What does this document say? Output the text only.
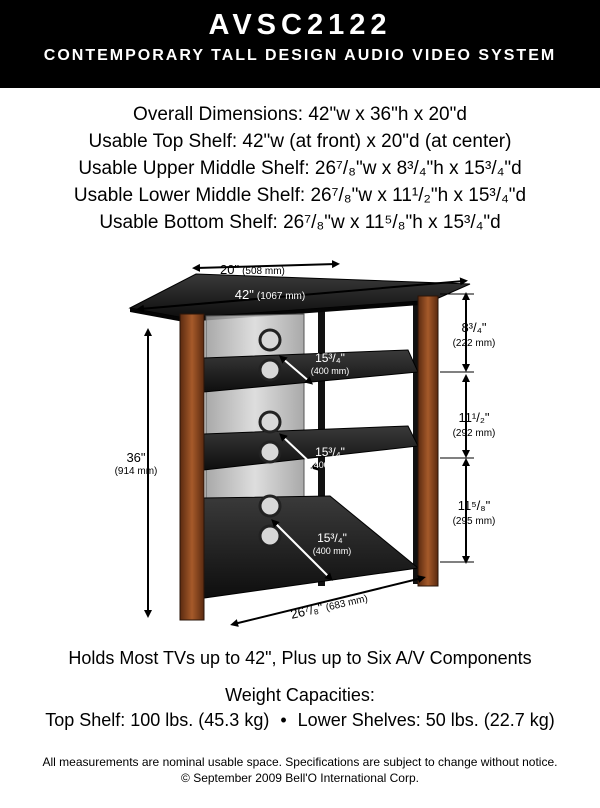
AVSC2122
CONTEMPORARY TALL DESIGN AUDIO VIDEO SYSTEM
Overall Dimensions: 42"w x 36"h x 20"d
Usable Top Shelf: 42"w (at front) x 20"d (at center)
Usable Upper Middle Shelf: 26⁷/₈"w x 8³/₄"h x 15³/₄"d
Usable Lower Middle Shelf: 26⁷/₈"w x 11¹/₂"h x 15³/₄"d
Usable Bottom Shelf: 26⁷/₈"w x 11⁵/₈"h x 15³/₄"d
20" (508 mm)
42" (1067 mm)
36"
(914 mm)
15³/₄"
(400 mm)
15³/₄"
(400 mm)
15³/₄"
(400 mm)
8³/₄"
(222 mm)
11¹/₂"
(292 mm)
11⁵/₈"
(295 mm)
26⁷/₈"(683 mm)
Holds Most TVs up to 42", Plus up to Six A/V Components
Weight Capacities:
Top Shelf: 100 lbs. (45.3 kg) • Lower Shelves: 50 lbs. (22.7 kg)
All measurements are nominal usable space. Specifications are subject to change without notice.
© September 2009 Bell'O International Corp.
